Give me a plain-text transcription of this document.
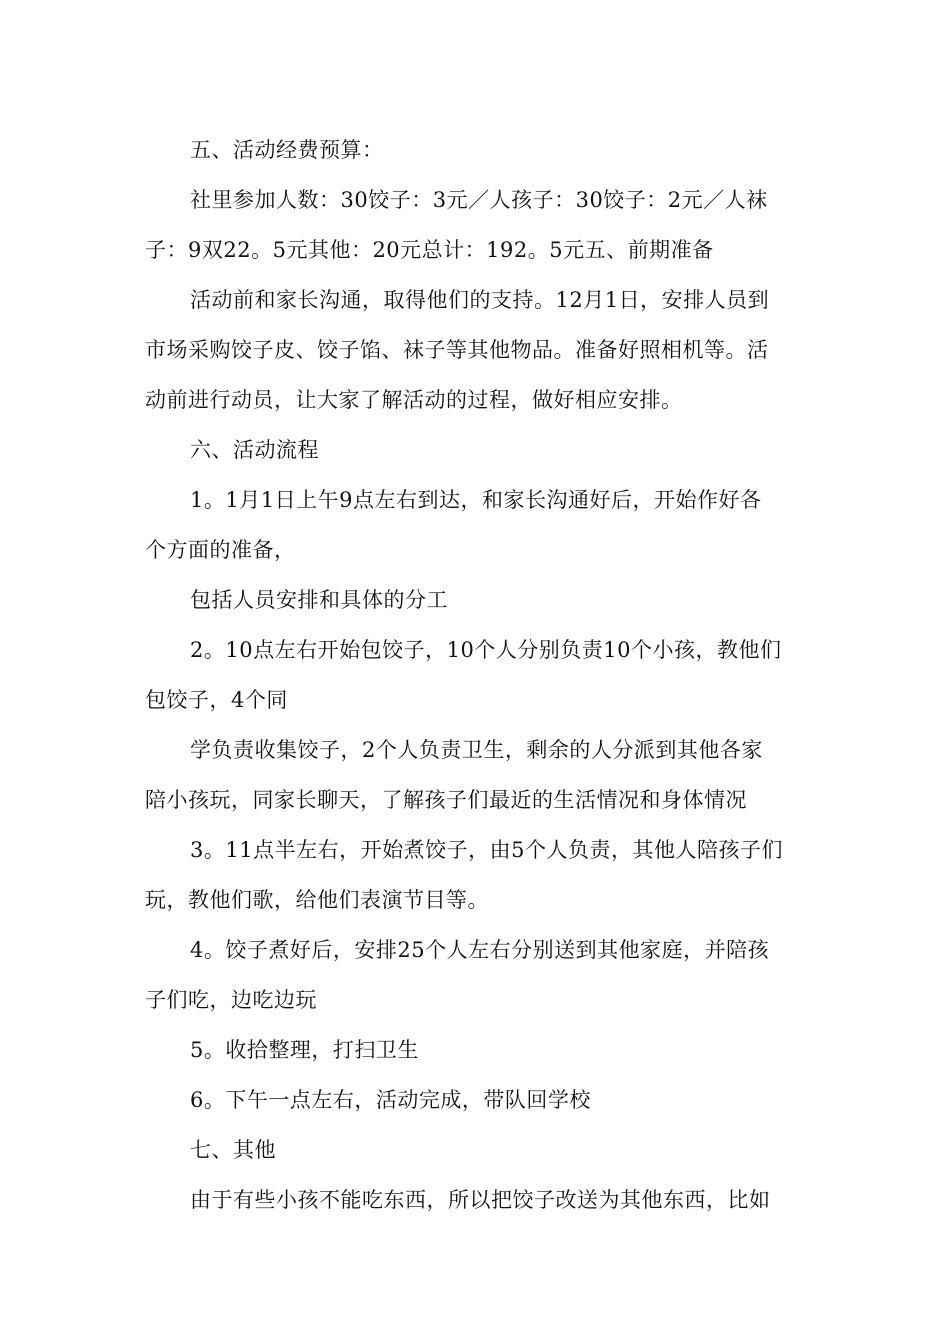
五、活动经费预算：
社里参加人数：30饺子：3元／人孩子：30饺子：2元／人袜
子：9双22。5元其他：20元总计：192。5元五、前期准备
活动前和家长沟通，取得他们的支持。12月1日，安排人员到
市场采购饺子皮、饺子馅、袜子等其他物品。准备好照相机等。活
动前进行动员，让大家了解活动的过程，做好相应安排。
六、活动流程
1。1月1日上午9点左右到达，和家长沟通好后，开始作好各
个方面的准备，
包括人员安排和具体的分工
2。10点左右开始包饺子，10个人分别负责10个小孩，教他们
包饺子，4个同
学负责收集饺子，2个人负责卫生，剩余的人分派到其他各家
陪小孩玩，同家长聊天，了解孩子们最近的生活情况和身体情况
3。11点半左右，开始煮饺子，由5个人负责，其他人陪孩子们
玩，教他们歌，给他们表演节目等。
4。饺子煮好后，安排25个人左右分别送到其他家庭，并陪孩
子们吃，边吃边玩
5。收拾整理，打扫卫生
6。下午一点左右，活动完成，带队回学校
七、其他
由于有些小孩不能吃东西，所以把饺子改送为其他东西，比如
